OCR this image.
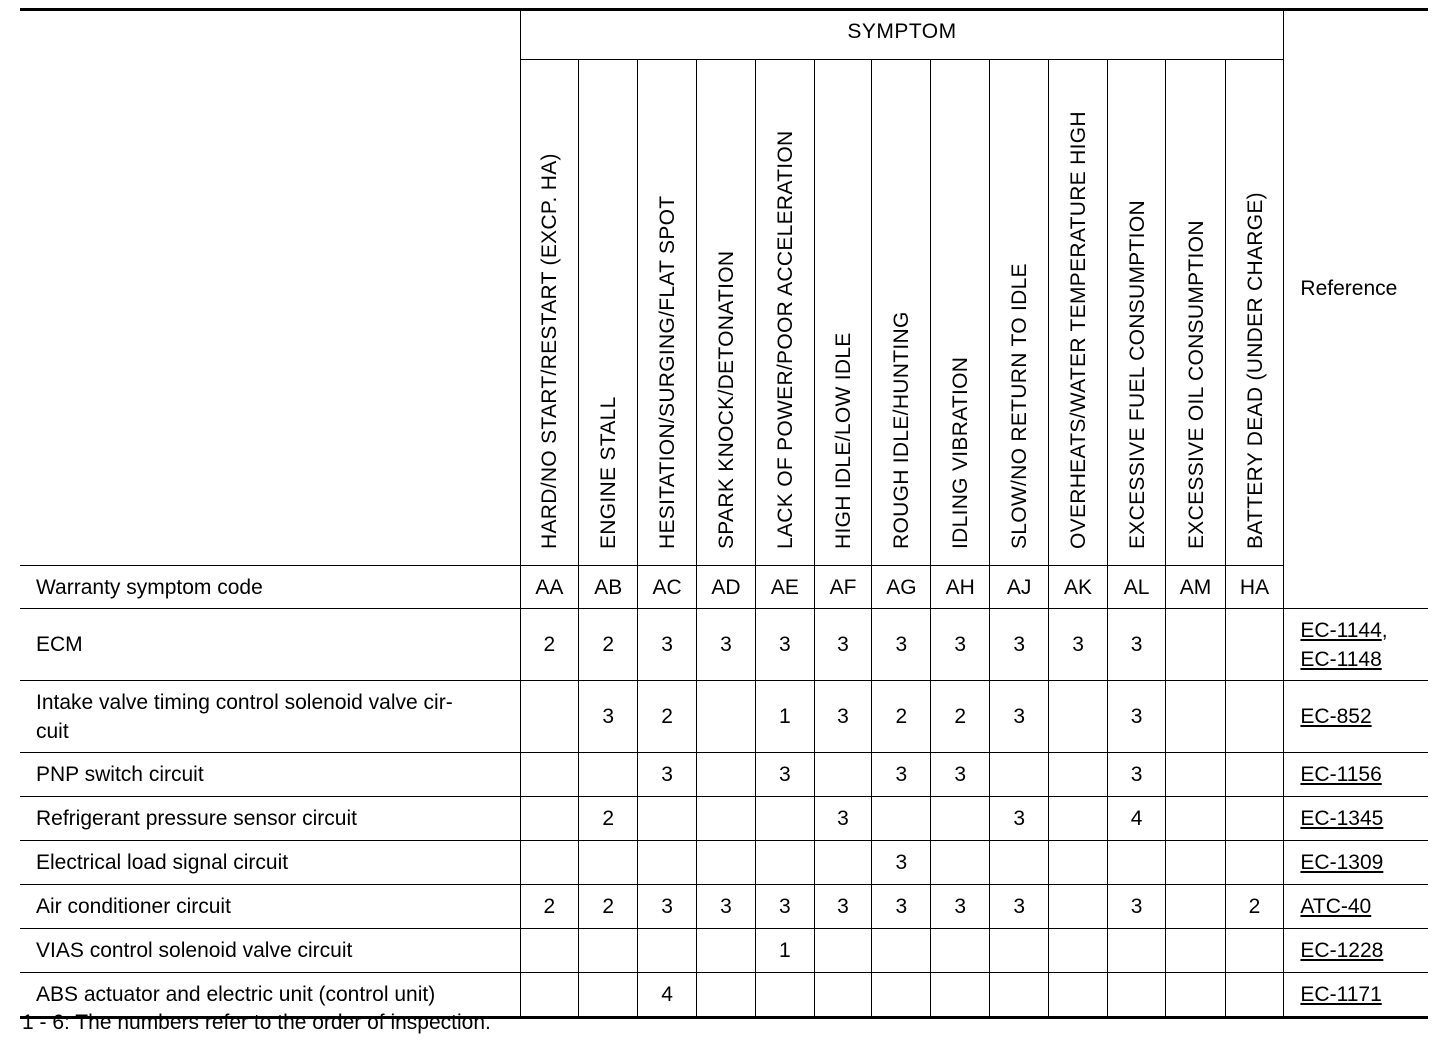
	SYMPTOM													Reference

	HARD/NO START/RESTART (EXCP. HA)	ENGINE STALL	HESITATION/SURGING/FLAT SPOT	SPARK KNOCK/DETONATION	LACK OF POWER/POOR ACCELERATION	HIGH IDLE/LOW IDLE	ROUGH IDLE/HUNTING	IDLING VIBRATION	SLOW/NO RETURN TO IDLE	OVERHEATS/WATER TEMPERATURE HIGH	EXCESSIVE FUEL CONSUMPTION	EXCESSIVE OIL CONSUMPTION	BATTERY DEAD (UNDER CHARGE)	

Warranty symptom code	AA	AB	AC	AD	AE	AF	AG	AH	AJ	AK	AL	AM	HA	

ECM	2	2	3	3	3	3	3	3	3	3	3			EC-1144,
EC-1148

Intake valve timing control solenoid valve cir-
cuit		3	2		1	3	2	2	3		3			EC-852

PNP switch circuit			3		3		3	3			3			EC-1156

Refrigerant pressure sensor circuit		2				3			3		4			EC-1345

Electrical load signal circuit							3							EC-1309

Air conditioner circuit	2	2	3	3	3	3	3	3	3		3		2	ATC-40

VIAS control solenoid valve circuit					1									EC-1228

ABS actuator and electric unit (control unit)			4											EC-1171
1 - 6: The numbers refer to the order of inspection.
